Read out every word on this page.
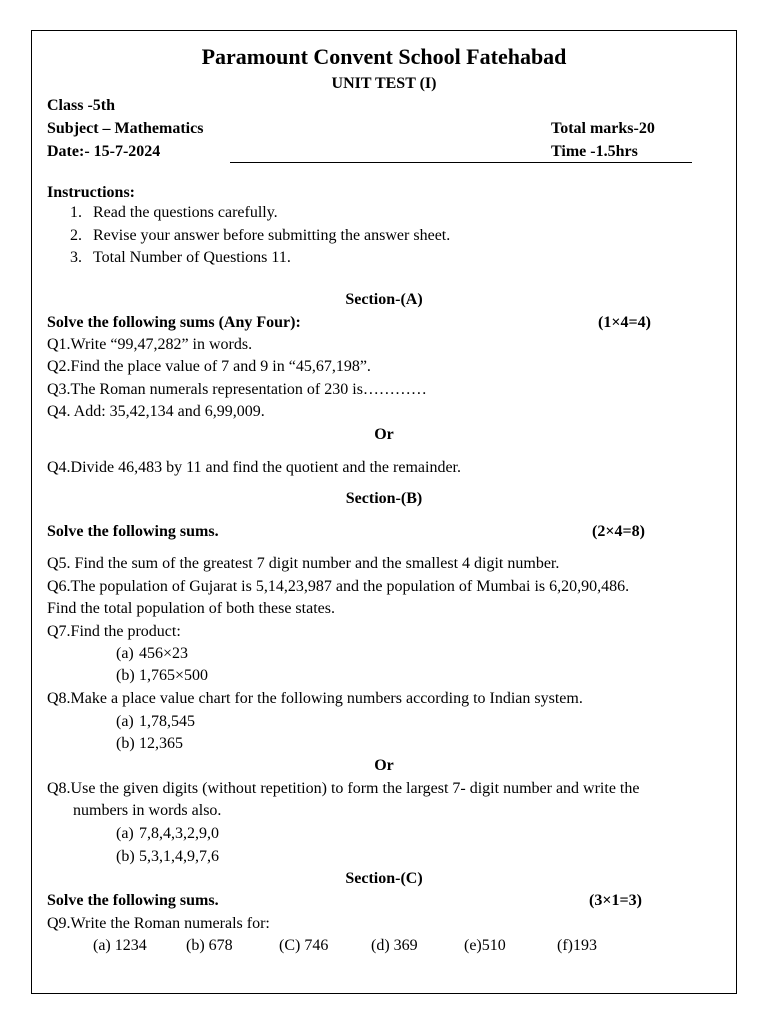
Paramount Convent School Fatehabad
UNIT TEST (I)
Class -5th
Subject – Mathematics	Total marks-20
Date:- 15-7-2024	Time -1.5hrs
Instructions:
1. Read the questions carefully.
2. Revise your answer before submitting the answer sheet.
3. Total Number of Questions 11.
Section-(A)
Solve the following sums (Any Four):	(1×4=4)
Q1.Write “99,47,282” in words.
Q2.Find the place value of 7 and 9 in “45,67,198”.
Q3.The Roman numerals representation of 230 is…………
Q4. Add: 35,42,134 and 6,99,009.
Or
Q4.Divide 46,483 by 11 and find the quotient and the remainder.
Section-(B)
Solve the following sums.	(2×4=8)
Q5. Find the sum of the greatest 7 digit number and the smallest 4 digit number.
Q6.The population of Gujarat is 5,14,23,987 and the population of Mumbai is 6,20,90,486.
Find the total population of both these states.
Q7.Find the product:
(a) 456×23
(b) 1,765×500
Q8.Make a place value chart for the following numbers according to Indian system.
(a) 1,78,545
(b) 12,365
Or
Q8.Use the given digits (without repetition) to form the largest 7- digit number and write the
numbers in words also.
(a) 7,8,4,3,2,9,0
(b) 5,3,1,4,9,7,6
Section-(C)
Solve the following sums.	(3×1=3)
Q9.Write the Roman numerals for:
(a) 1234 (b) 678	(C) 746	(d) 369	(e)510	(f)193
